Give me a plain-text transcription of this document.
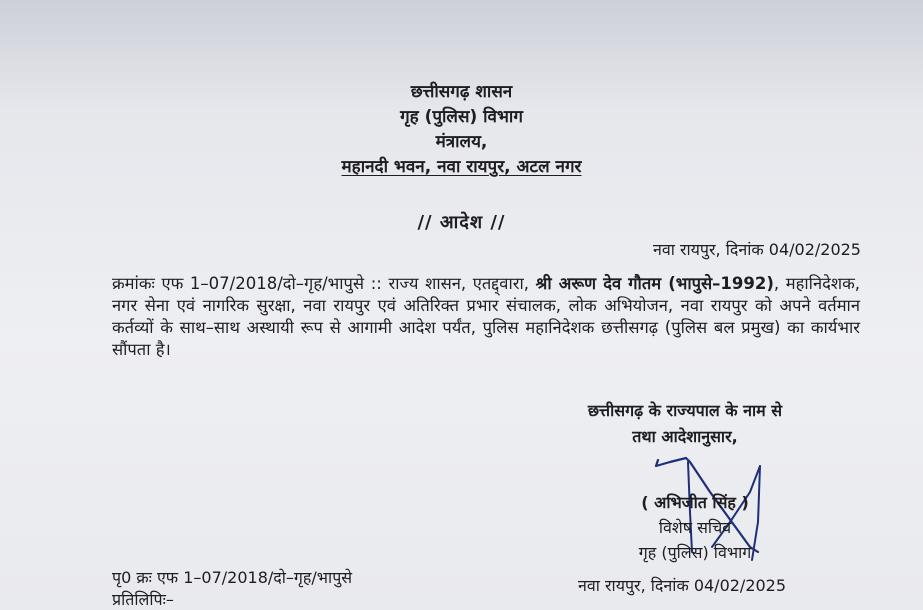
छत्तीसगढ़ शासन
गृह (पुलिस) विभाग
मंत्रालय,
महानदी भवन, नवा रायपुर, अटल नगर
// आदेश //
नवा रायपुर, दिनांक 04/02/2025
क्रमांकः एफ 1–07/2018/दो–गृह/भापुसे :: राज्य शासन, एतद्द्वारा, श्री अरूण देव गौतम (भापुसे–1992), महानिदेशक, नगर सेना एवं नागरिक सुरक्षा, नवा रायपुर एवं अतिरिक्त प्रभार संचालक, लोक अभियोजन, नवा रायपुर को अपने वर्तमान कर्तव्यों के साथ–साथ अस्थायी रूप से आगामी आदेश पर्यंत, पुलिस महानिदेशक छत्तीसगढ़ (पुलिस बल प्रमुख) का कार्यभार सौंपता है।
छत्तीसगढ़ के राज्यपाल के नाम से
तथा आदेशानुसार,
( अभिजीत सिंह )
विशेष सचिव
गृह (पुलिस) विभाग
पृ0 क्रः एफ 1–07/2018/दो–गृह/भापुसे
प्रतिलिपिः–
नवा रायपुर, दिनांक 04/02/2025
